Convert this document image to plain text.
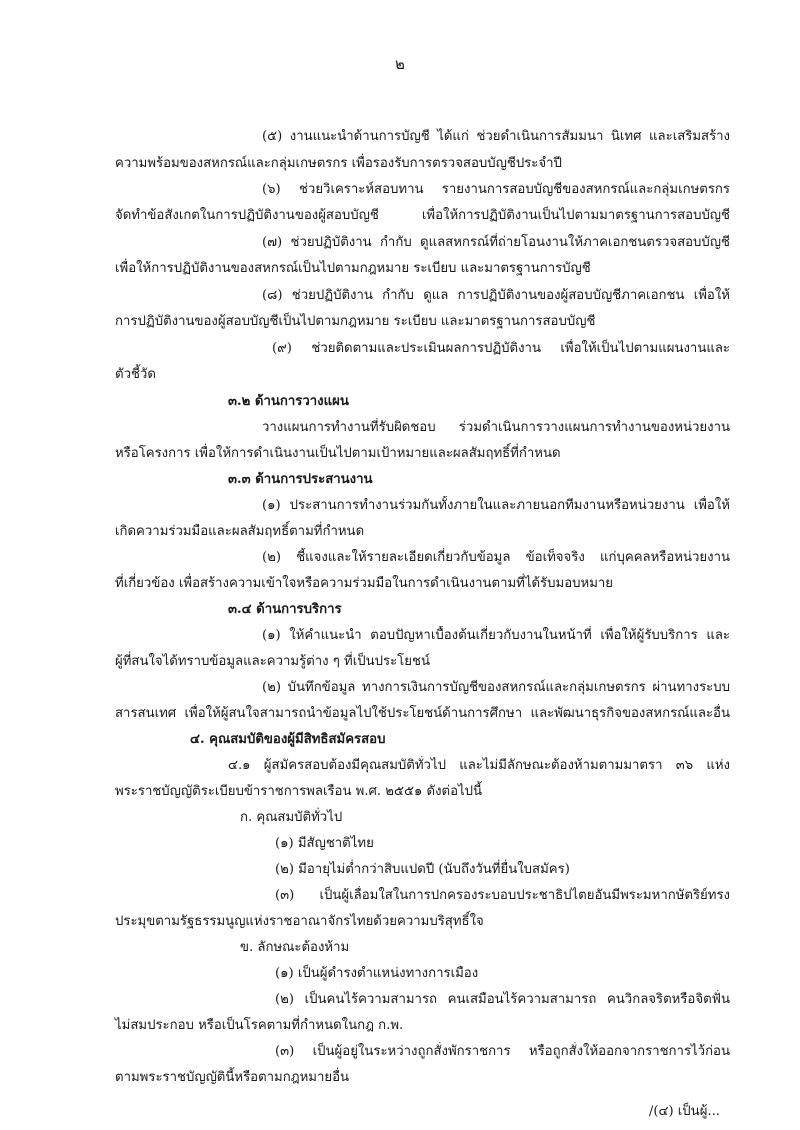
๒
(๕) งานแนะนำด้านการบัญชี ได้แก่ ช่วยดำเนินการสัมมนา นิเทศ และเสริมสร้าง
ความพร้อมของสหกรณ์และกลุ่มเกษตรกร เพื่อรองรับการตรวจสอบบัญชีประจำปี
(๖) ช่วยวิเคราะห์สอบทาน รายงานการสอบบัญชีของสหกรณ์และกลุ่มเกษตรกร
จัดทำข้อสังเกตในการปฏิบัติงานของผู้สอบบัญชี เพื่อให้การปฏิบัติงานเป็นไปตามมาตรฐานการสอบบัญชี
(๗) ช่วยปฏิบัติงาน กำกับ ดูแลสหกรณ์ที่ถ่ายโอนงานให้ภาคเอกชนตรวจสอบบัญชี
เพื่อให้การปฏิบัติงานของสหกรณ์เป็นไปตามกฎหมาย ระเบียบ และมาตรฐานการบัญชี
(๘) ช่วยปฏิบัติงาน กำกับ ดูแล การปฏิบัติงานของผู้สอบบัญชีภาคเอกชน เพื่อให้
การปฏิบัติงานของผู้สอบบัญชีเป็นไปตามกฎหมาย ระเบียบ และมาตรฐานการสอบบัญชี
(๙) ช่วยติดตามและประเมินผลการปฏิบัติงาน เพื่อให้เป็นไปตามแผนงานและ
ตัวชี้วัด
๓.๒ ด้านการวางแผน
วางแผนการทำงานที่รับผิดชอบ ร่วมดำเนินการวางแผนการทำงานของหน่วยงาน
หรือโครงการ เพื่อให้การดำเนินงานเป็นไปตามเป้าหมายและผลสัมฤทธิ์ที่กำหนด
๓.๓ ด้านการประสานงาน
(๑) ประสานการทำงานร่วมกันทั้งภายในและภายนอกทีมงานหรือหน่วยงาน เพื่อให้
เกิดความร่วมมือและผลสัมฤทธิ์ตามที่กำหนด
(๒) ชี้แจงและให้รายละเอียดเกี่ยวกับข้อมูล ข้อเท็จจริง แก่บุคคลหรือหน่วยงาน
ที่เกี่ยวข้อง เพื่อสร้างความเข้าใจหรือความร่วมมือในการดำเนินงานตามที่ได้รับมอบหมาย
๓.๔ ด้านการบริการ
(๑) ให้คำแนะนำ ตอบปัญหาเบื้องต้นเกี่ยวกับงานในหน้าที่ เพื่อให้ผู้รับบริการ และ
ผู้ที่สนใจได้ทราบข้อมูลและความรู้ต่าง ๆ ที่เป็นประโยชน์
(๒) บันทึกข้อมูล ทางการเงินการบัญชีของสหกรณ์และกลุ่มเกษตรกร ผ่านทางระบบ
สารสนเทศ เพื่อให้ผู้สนใจสามารถนำข้อมูลไปใช้ประโยชน์ด้านการศึกษา และพัฒนาธุรกิจของสหกรณ์และอื่น
๔. คุณสมบัติของผู้มีสิทธิสมัครสอบ
๔.๑ ผู้สมัครสอบต้องมีคุณสมบัติทั่วไป และไม่มีลักษณะต้องห้ามตามมาตรา ๓๖ แห่ง
พระราชบัญญัติระเบียบข้าราชการพลเรือน พ.ศ. ๒๕๕๑ ดังต่อไปนี้
ก. คุณสมบัติทั่วไป
(๑) มีสัญชาติไทย
(๒) มีอายุไม่ต่ำกว่าสิบแปดปี (นับถึงวันที่ยื่นใบสมัคร)
(๓) เป็นผู้เลื่อมใสในการปกครองระบอบประชาธิปไตยอันมีพระมหากษัตริย์ทรง
ประมุขตามรัฐธรรมนูญแห่งราชอาณาจักรไทยด้วยความบริสุทธิ์ใจ
ข. ลักษณะต้องห้าม
(๑) เป็นผู้ดำรงตำแหน่งทางการเมือง
(๒) เป็นคนไร้ความสามารถ คนเสมือนไร้ความสามารถ คนวิกลจริตหรือจิตฟั่น
ไม่สมประกอบ หรือเป็นโรคตามที่กำหนดในกฎ ก.พ.
(๓) เป็นผู้อยู่ในระหว่างถูกสั่งพักราชการ หรือถูกสั่งให้ออกจากราชการไว้ก่อน
ตามพระราชบัญญัตินี้หรือตามกฎหมายอื่น
/(๔) เป็นผู้...
